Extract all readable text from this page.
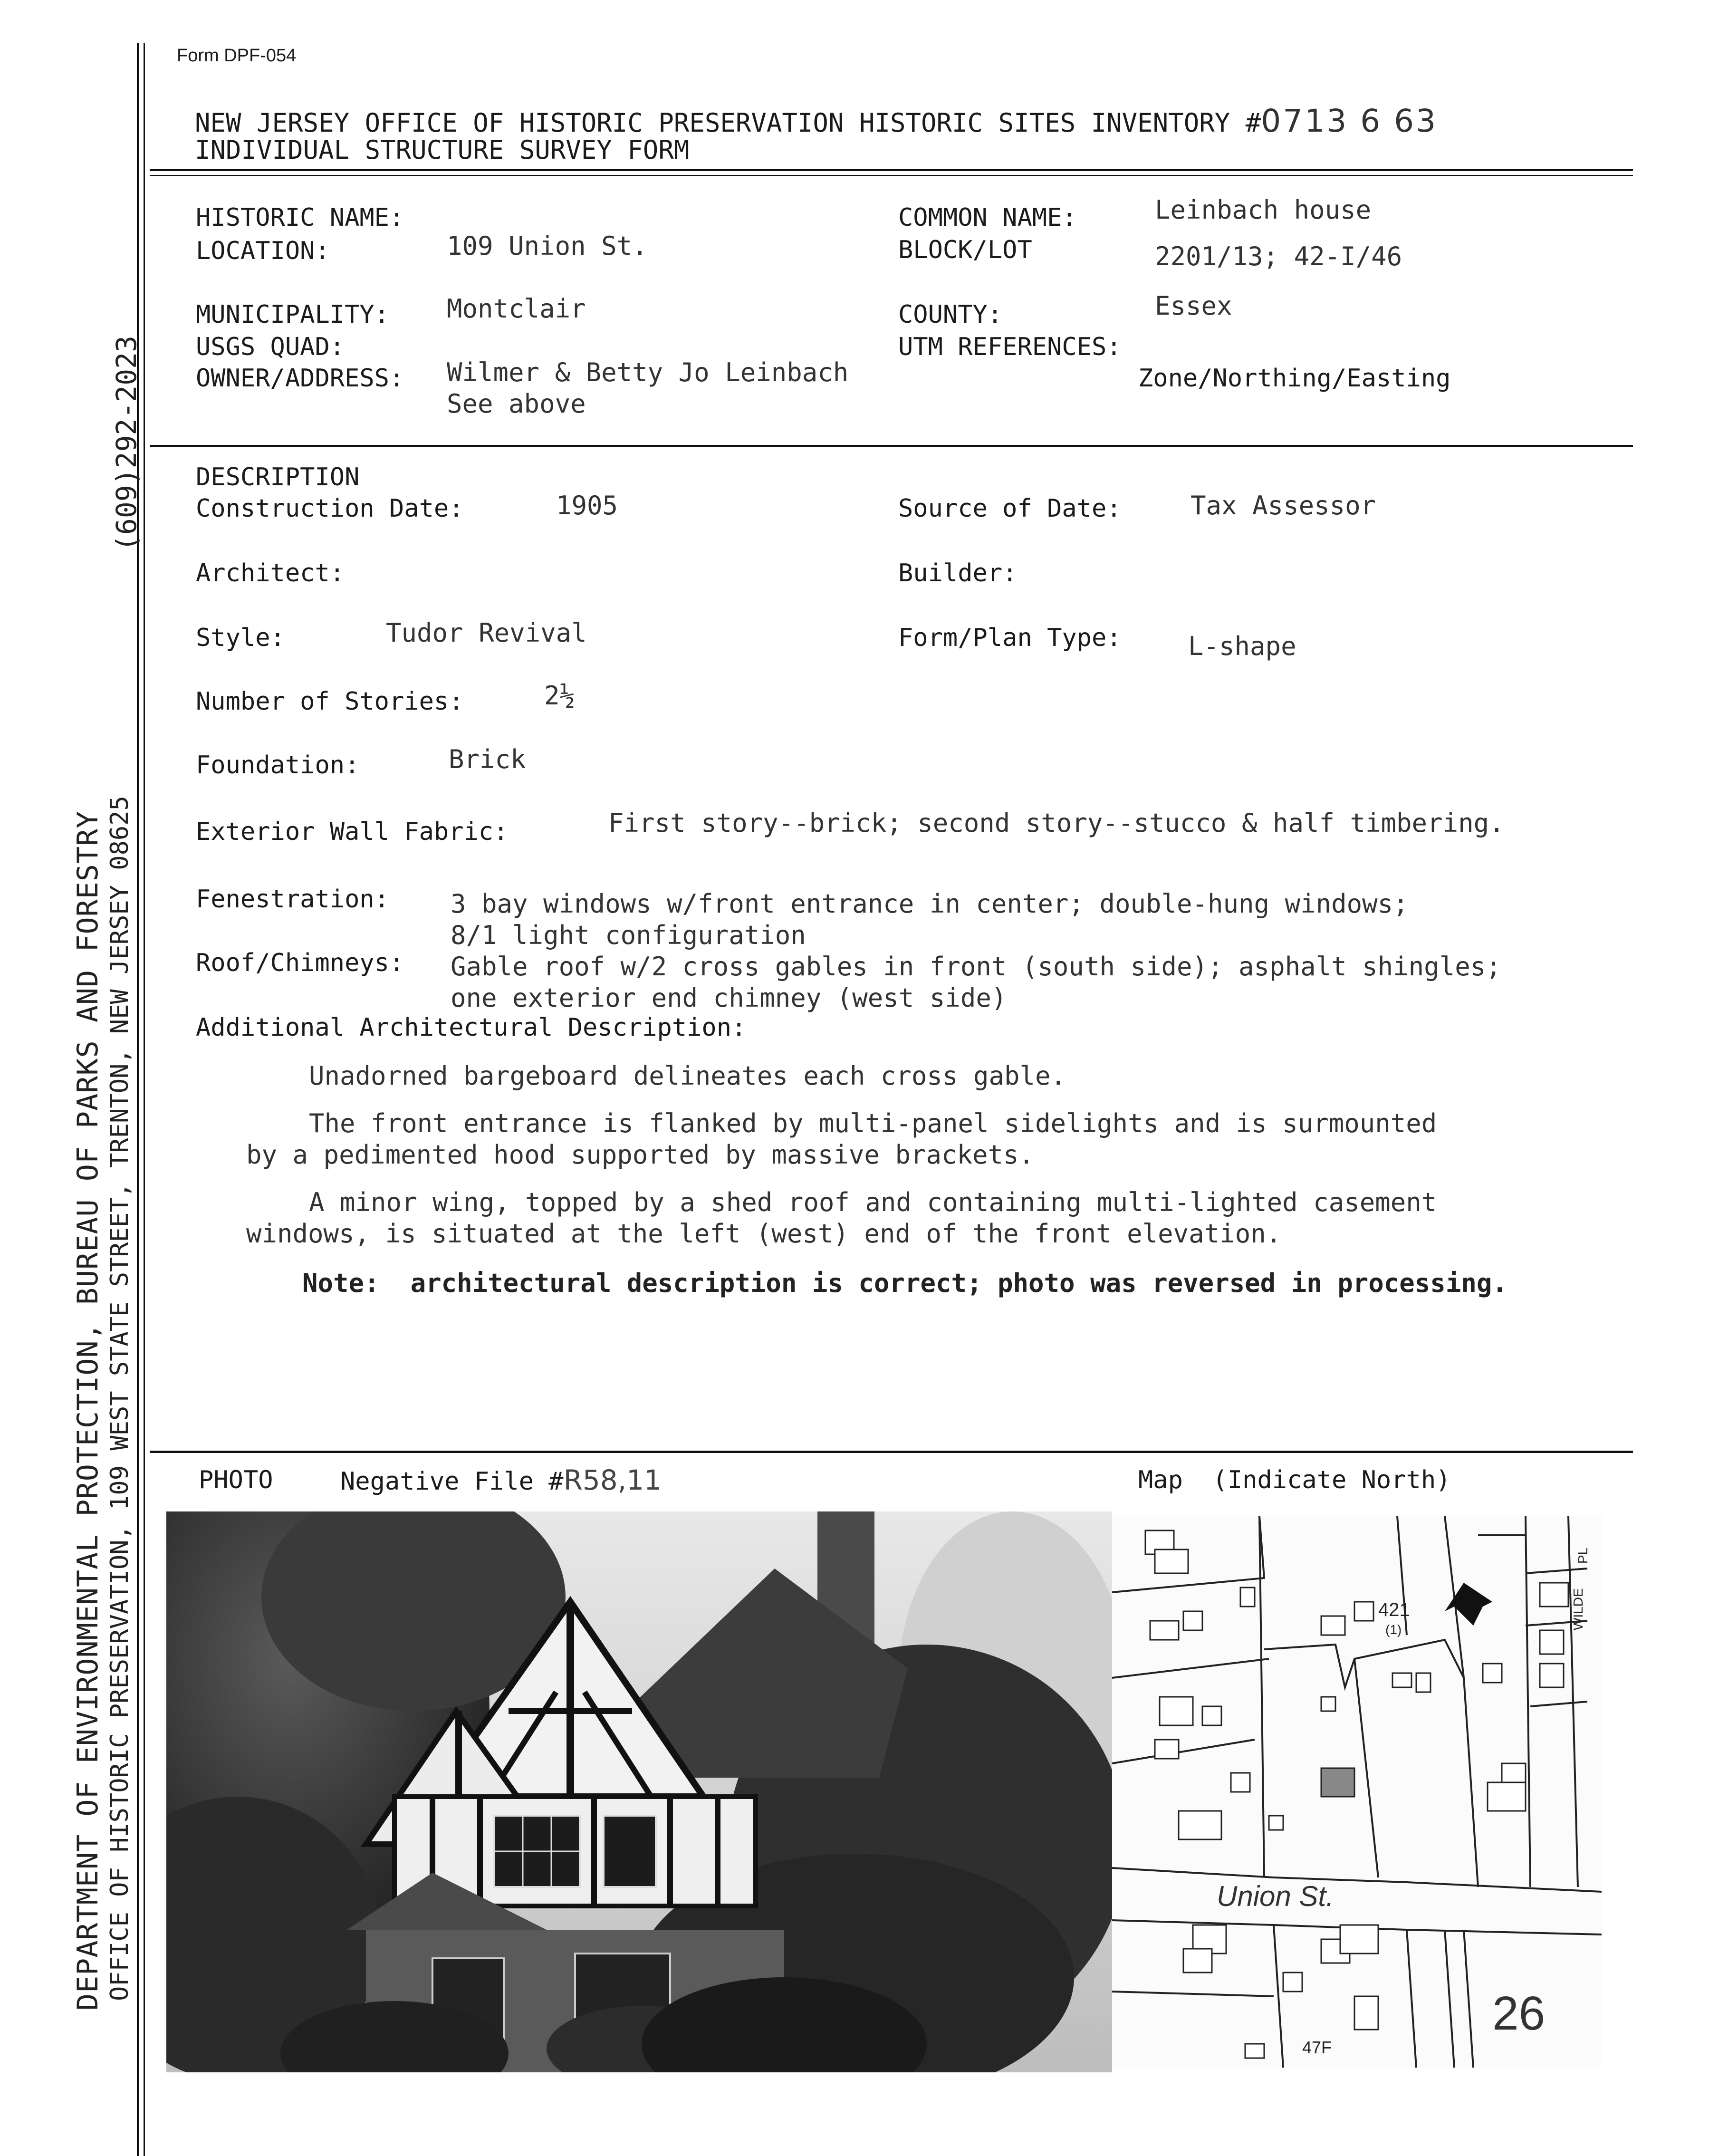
(609)292-2023
DEPARTMENT OF ENVIRONMENTAL PROTECTION, BUREAU OF PARKS AND FORESTRY OFFICE OF HISTORIC PRESERVATION, 109 WEST STATE STREET, TRENTON, NEW JERSEY 08625
Form DPF-054
NEW JERSEY OFFICE OF HISTORIC PRESERVATION HISTORIC SITES INVENTORY #0713 6 63
INDIVIDUAL STRUCTURE SURVEY FORM
HISTORIC NAME:
LOCATION:	109 Union St.
COMMON NAME:	Leinbach house
BLOCK/LOT	2201/13; 42-I/46
MUNICIPALITY: Montclair
USGS QUAD:
OWNER/ADDRESS: Wilmer & Betty Jo Leinbach
See above
COUNTY:	Essex
UTM REFERENCES:
Zone/Northing/Easting
DESCRIPTION
Construction Date:	1905	Source of Date:	Tax Assessor
Architect:	Builder:
Style:	Tudor Revival	Form/Plan Type:	L-shape
Number of Stories:	2½
Foundation:	Brick
Exterior Wall Fabric:	First story--brick; second story--stucco & half timbering.
Fenestration: 3 bay windows w/front entrance in center; double-hung windows;
8/1 light configuration
Roof/Chimneys: Gable roof w/2 cross gables in front (south side); asphalt shingles;
one exterior end chimney (west side)
Additional Architectural Description:
Unadorned bargeboard delineates each cross gable.
The front entrance is flanked by multi-panel sidelights and is surmounted
by a pedimented hood supported by massive brackets.
A minor wing, topped by a shed roof and containing multi-lighted casement
windows, is situated at the left (west) end of the front elevation.
Note: architectural description is correct; photo was reversed in processing.
PHOTO	Negative File #R58,11	Map (Indicate North)
421
(1)
Union St.
WILDE
PL
47F
26
